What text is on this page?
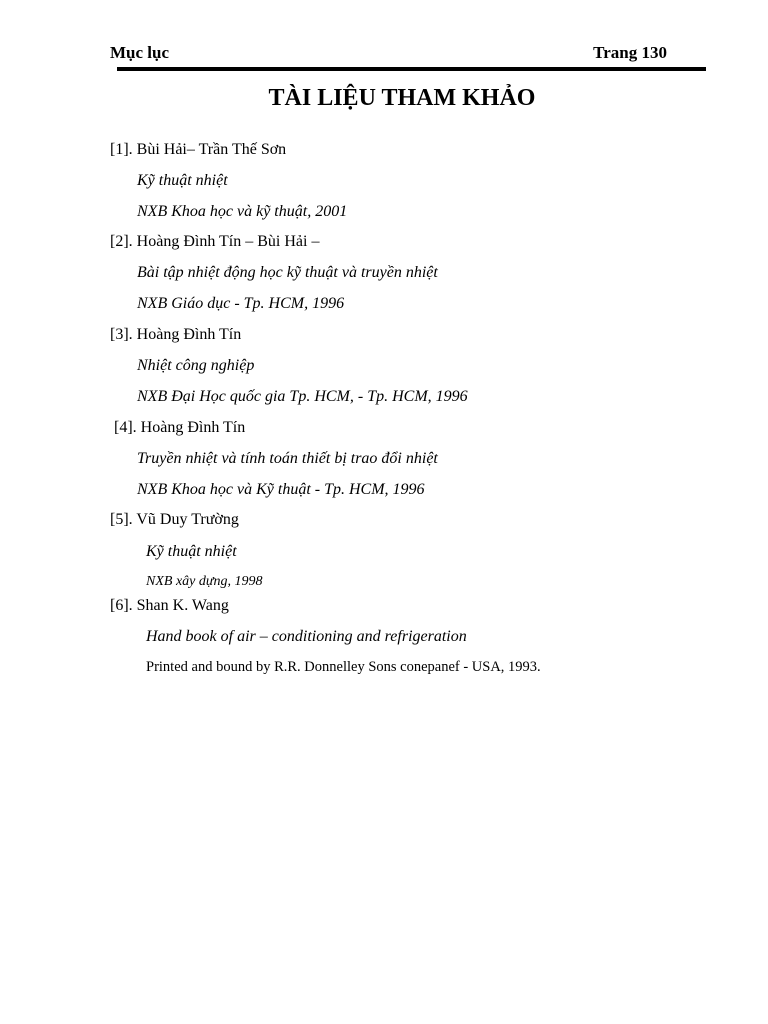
Mục lục	Trang 130
TÀI LIỆU THAM KHẢO
[1]. Bùi Hải– Trần Thế Sơn
Kỹ thuật nhiệt
NXB Khoa học và kỹ thuật, 2001
[2]. Hoàng Đình Tín – Bùi Hải –
Bài tập nhiệt động học kỹ thuật và truyền nhiệt
NXB Giáo dục - Tp. HCM, 1996
[3]. Hoàng Đình Tín
Nhiệt công nghiệp
NXB Đại Học quốc gia Tp. HCM, - Tp. HCM, 1996
[4]. Hoàng Đình Tín
Truyền nhiệt và tính toán thiết bị trao đổi nhiệt
NXB Khoa học và Kỹ thuật - Tp. HCM, 1996
[5]. Vũ Duy Trường
Kỹ thuật nhiệt
NXB xây dựng, 1998
[6]. Shan K. Wang
Hand book of air – conditioning and refrigeration
Printed and bound by R.R. Donnelley Sons conepanef - USA, 1993.
